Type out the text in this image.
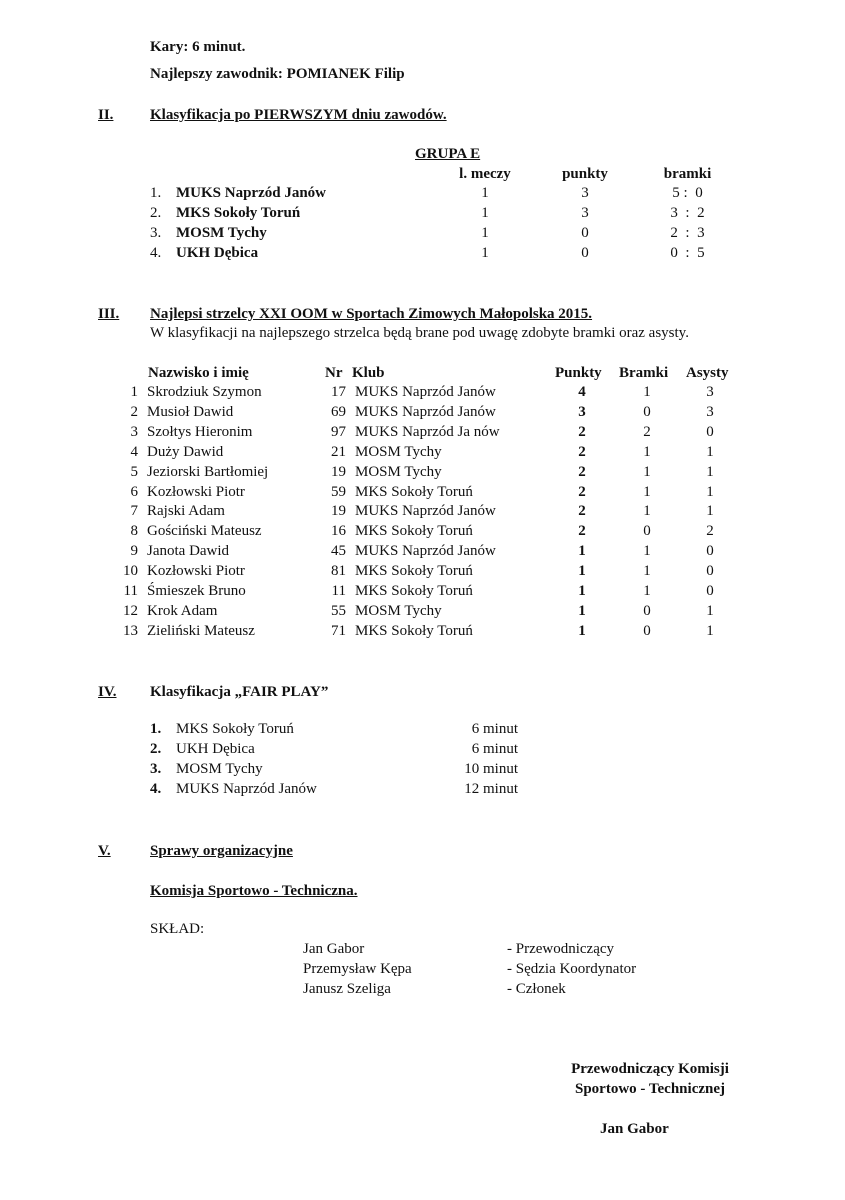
Kary: 6 minut.
Najlepszy zawodnik: POMIANEK Filip
II. Klasyfikacja po PIERWSZYM dniu zawodów.
GRUPA E
l. meczy	punkty	bramki
1. MUKS Naprzód Janów	1	3	5 :  0
2. MKS Sokoły Toruń	1	3	3  :  2
3. MOSM Tychy	1	0	2  :  3
4. UKH Dębica	1	0	0  :  5
III. Najlepsi strzelcy XXI OOM w Sportach Zimowych Małopolska 2015.
W klasyfikacji na najlepszego strzelca będą brane pod uwagę zdobyte bramki oraz asysty.
Nazwisko i imię	Nr Klub	Punkty Bramki Asysty
1 Skrodziuk Szymon	17 MUKS Naprzód Janów	4	1	3
2 Musioł Dawid	69 MUKS Naprzód Janów	3	0	3
3 Szołtys Hieronim	97 MUKS Naprzód Ja nów	2	2	0
4 Duży Dawid	21 MOSM Tychy	2	1	1
5 Jeziorski Bartłomiej	19 MOSM Tychy	2	1	1
6 Kozłowski Piotr	59 MKS Sokoły Toruń	2	1	1
7 Rajski Adam	19 MUKS Naprzód Janów	2	1	1
8 Gościński Mateusz	16 MKS Sokoły Toruń	2	0	2
9 Janota Dawid	45 MUKS Naprzód Janów	1	1	0
10 Kozłowski Piotr	81 MKS Sokoły Toruń	1	1	0
11 Śmieszek Bruno	11 MKS Sokoły Toruń	1	1	0
12 Krok Adam	55 MOSM Tychy	1	0	1
13 Zieliński Mateusz	71 MKS Sokoły Toruń	1	0	1
IV. Klasyfikacja „FAIR PLAY”
1. MKS Sokoły Toruń	6 minut
2. UKH Dębica	6 minut
3. MOSM Tychy	10 minut
4. MUKS Naprzód Janów	12 minut
V.	Sprawy organizacyjne
Komisja Sportowo - Techniczna.
SKŁAD:
Jan Gabor	- Przewodniczący
Przemysław Kępa	- Sędzia Koordynator
Janusz Szeliga	- Członek
Przewodniczący Komisji
Sportowo - Technicznej
Jan Gabor
